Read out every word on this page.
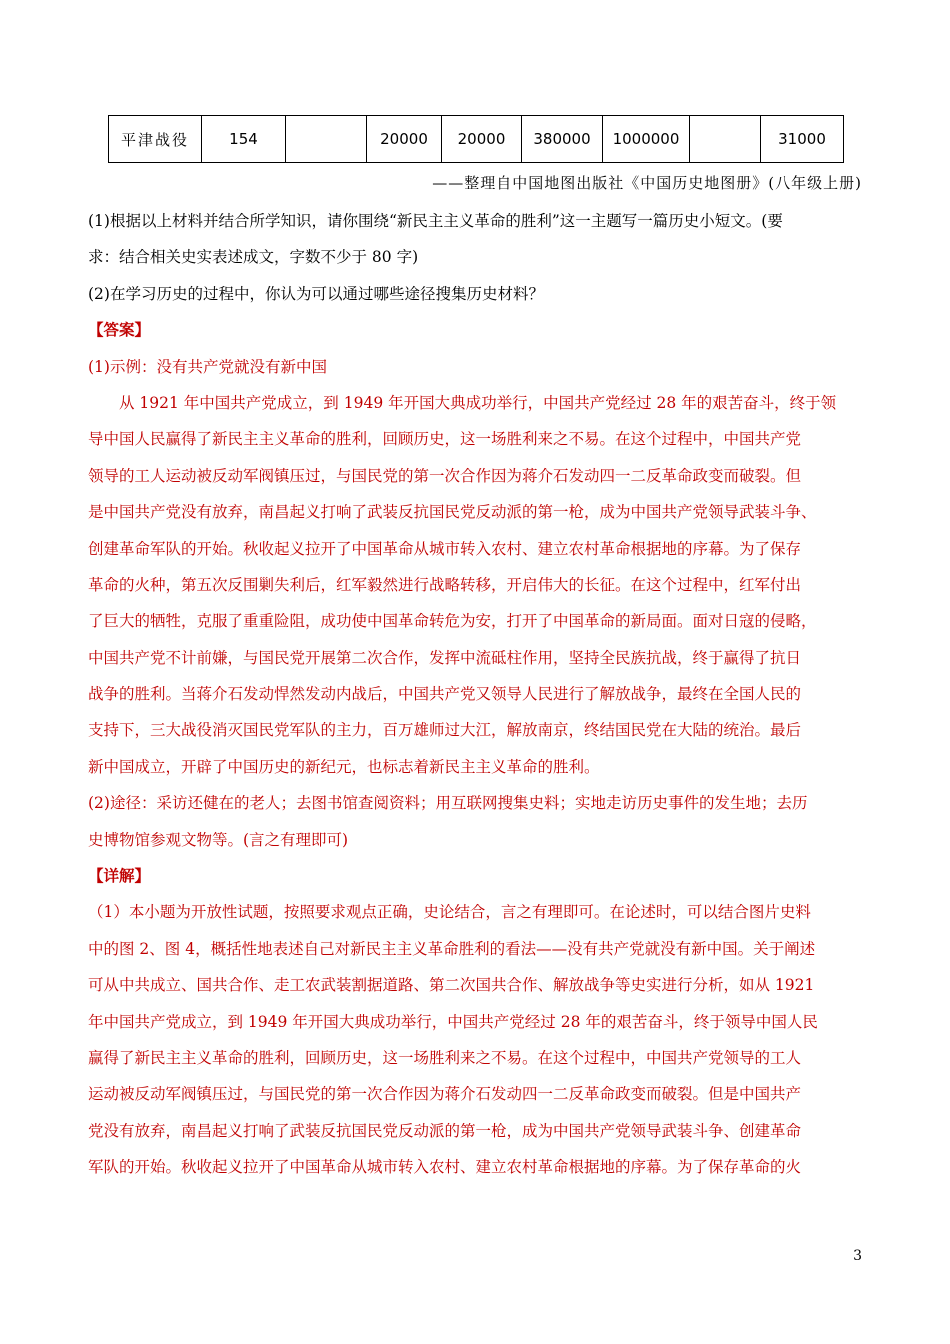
平津战役	154		20000	20000	380000	1000000		31000
——整理自中国地图出版社《中国历史地图册》(八年级上册)
(1)根据以上材料并结合所学知识，请你围绕“新民主主义革命的胜利”这一主题写一篇历史小短文。(要
求：结合相关史实表述成文，字数不少于 80 字)
(2)在学习历史的过程中，你认为可以通过哪些途径搜集历史材料？
【答案】
(1)示例：没有共产党就没有新中国
从 1921 年中国共产党成立，到 1949 年开国大典成功举行，中国共产党经过 28 年的艰苦奋斗，终于领
导中国人民赢得了新民主主义革命的胜利，回顾历史，这一场胜利来之不易。在这个过程中，中国共产党
领导的工人运动被反动军阀镇压过，与国民党的第一次合作因为蒋介石发动四一二反革命政变而破裂。但
是中国共产党没有放弃，南昌起义打响了武装反抗国民党反动派的第一枪，成为中国共产党领导武装斗争、
创建革命军队的开始。秋收起义拉开了中国革命从城市转入农村、建立农村革命根据地的序幕。为了保存
革命的火种，第五次反围剿失利后，红军毅然进行战略转移，开启伟大的长征。在这个过程中，红军付出
了巨大的牺牲，克服了重重险阻，成功使中国革命转危为安，打开了中国革命的新局面。面对日寇的侵略，
中国共产党不计前嫌，与国民党开展第二次合作，发挥中流砥柱作用，坚持全民族抗战，终于赢得了抗日
战争的胜利。当蒋介石发动悍然发动内战后，中国共产党又领导人民进行了解放战争，最终在全国人民的
支持下，三大战役消灭国民党军队的主力，百万雄师过大江，解放南京，终结国民党在大陆的统治。最后
新中国成立，开辟了中国历史的新纪元，也标志着新民主主义革命的胜利。
(2)途径：采访还健在的老人；去图书馆查阅资料；用互联网搜集史料；实地走访历史事件的发生地；去历
史博物馆参观文物等。(言之有理即可)
【详解】
（1）本小题为开放性试题，按照要求观点正确，史论结合，言之有理即可。在论述时，可以结合图片史料
中的图 2、图 4，概括性地表述自己对新民主主义革命胜利的看法——没有共产党就没有新中国。关于阐述
可从中共成立、国共合作、走工农武装割据道路、第二次国共合作、解放战争等史实进行分析，如从 1921
年中国共产党成立，到 1949 年开国大典成功举行，中国共产党经过 28 年的艰苦奋斗，终于领导中国人民
赢得了新民主主义革命的胜利，回顾历史，这一场胜利来之不易。在这个过程中，中国共产党领导的工人
运动被反动军阀镇压过，与国民党的第一次合作因为蒋介石发动四一二反革命政变而破裂。但是中国共产
党没有放弃，南昌起义打响了武装反抗国民党反动派的第一枪，成为中国共产党领导武装斗争、创建革命
军队的开始。秋收起义拉开了中国革命从城市转入农村、建立农村革命根据地的序幕。为了保存革命的火
3
